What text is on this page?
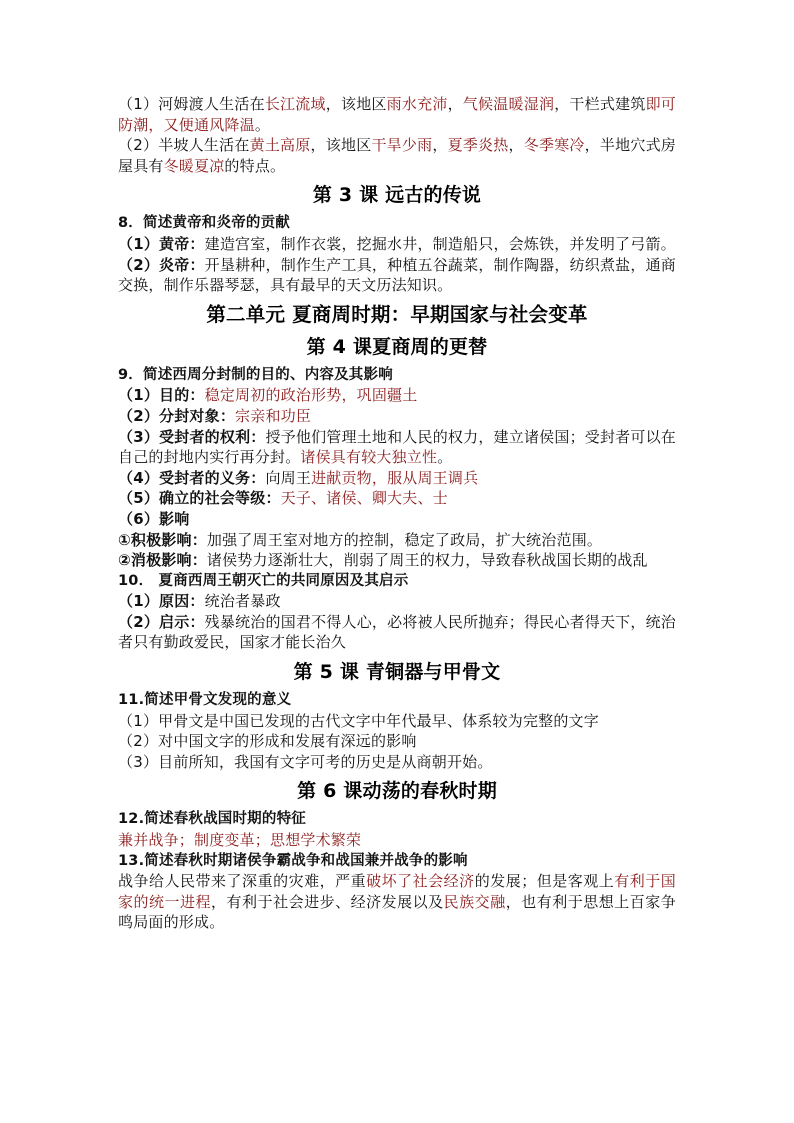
（1）河姆渡人生活在长江流域，该地区雨水充沛，气候温暖湿润，干栏式建筑即可防潮，又便通风降温。

（2）半坡人生活在黄土高原，该地区干旱少雨，夏季炎热，冬季寒冷，半地穴式房屋具有冬暖夏凉的特点。

第 3 课 远古的传说

8．简述黄帝和炎帝的贡献

（1）黄帝：建造宫室，制作衣裳，挖掘水井，制造船只，会炼铁，并发明了弓箭。

（2）炎帝：开垦耕种，制作生产工具，种植五谷蔬菜，制作陶器，纺织煮盐，通商交换，制作乐器琴瑟，具有最早的天文历法知识。

第二单元 夏商周时期：早期国家与社会变革
第 4 课夏商周的更替

9．简述西周分封制的目的、内容及其影响

（1）目的：稳定周初的政治形势，巩固疆土

（2）分封对象：宗亲和功臣

（3）受封者的权利：授予他们管理土地和人民的权力，建立诸侯国；受封者可以在自己的封地内实行再分封。诸侯具有较大独立性。

（4）受封者的义务：向周王进献贡物，服从周王调兵

（5）确立的社会等级：天子、诸侯、卿大夫、士

（6）影响

①积极影响：加强了周王室对地方的控制，稳定了政局，扩大统治范围。

②消极影响：诸侯势力逐渐壮大，削弱了周王的权力，导致春秋战国长期的战乱

10． 夏商西周王朝灭亡的共同原因及其启示

（1）原因：统治者暴政

（2）启示：残暴统治的国君不得人心，必将被人民所抛弃；得民心者得天下，统治者只有勤政爱民，国家才能长治久

第 5 课 青铜器与甲骨文

11.简述甲骨文发现的意义

（1）甲骨文是中国已发现的古代文字中年代最早、体系较为完整的文字

（2）对中国文字的形成和发展有深远的影响

（3）目前所知，我国有文字可考的历史是从商朝开始。

第 6 课动荡的春秋时期

12.简述春秋战国时期的特征

兼并战争；制度变革；思想学术繁荣

13.简述春秋时期诸侯争霸战争和战国兼并战争的影响

战争给人民带来了深重的灾难，严重破坏了社会经济的发展；但是客观上有利于国家的统一进程，有利于社会进步、经济发展以及民族交融，也有利于思想上百家争鸣局面的形成。
